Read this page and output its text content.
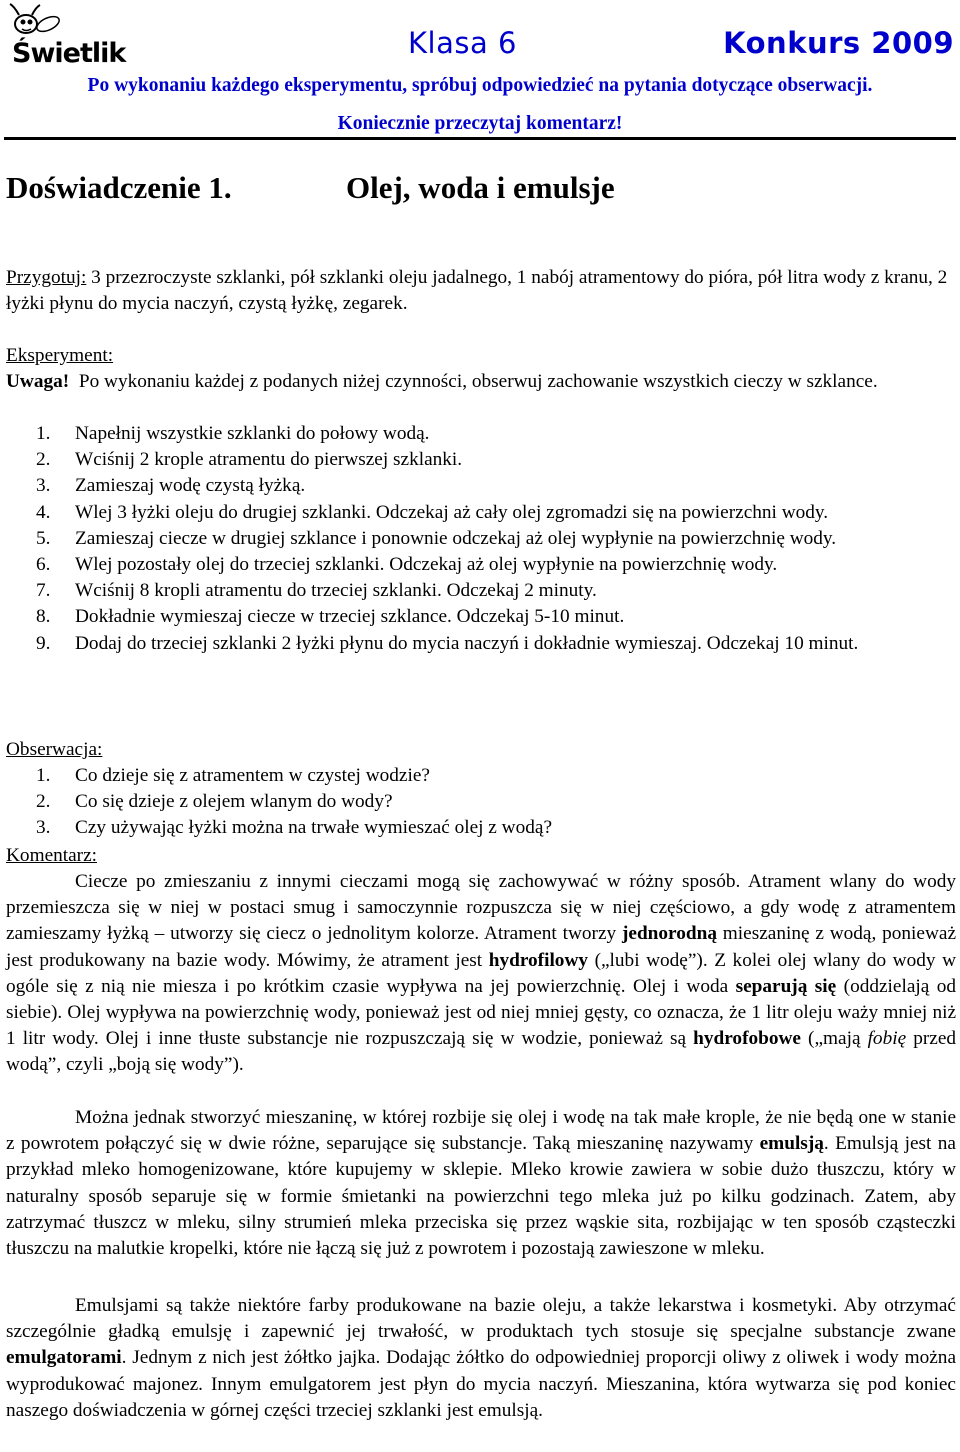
Świetlik	Klasa 6	Konkurs 2009
Po wykonaniu każdego eksperymentu, spróbuj odpowiedzieć na pytania dotyczące obserwacji.
Koniecznie przeczytaj komentarz!
Doświadczenie 1.	Olej, woda i emulsje
Przygotuj: 3 przezroczyste szklanki, pół szklanki oleju jadalnego, 1 nabój atramentowy do pióra, pół litra wody z kranu, 2 łyżki płynu do mycia naczyń, czystą łyżkę, zegarek.
Eksperyment:
Uwaga!  Po wykonaniu każdej z podanych niżej czynności, obserwuj zachowanie wszystkich cieczy w szklance.
1. Napełnij wszystkie szklanki do połowy wodą.
2. Wciśnij 2 krople atramentu do pierwszej szklanki.
3. Zamieszaj wodę czystą łyżką.
4. Wlej 3 łyżki oleju do drugiej szklanki. Odczekaj aż cały olej zgromadzi się na powierzchni wody.
5. Zamieszaj ciecze w drugiej szklance i ponownie odczekaj aż olej wypłynie na powierzchnię wody.
6. Wlej pozostały olej do trzeciej szklanki. Odczekaj aż olej wypłynie na powierzchnię wody.
7. Wciśnij 8 kropli atramentu do trzeciej szklanki. Odczekaj 2 minuty.
8. Dokładnie wymieszaj ciecze w trzeciej szklance. Odczekaj 5-10 minut.
9. Dodaj do trzeciej szklanki 2 łyżki płynu do mycia naczyń i dokładnie wymieszaj. Odczekaj 10 minut.
Obserwacja:
1. Co dzieje się z atramentem w czystej wodzie?
2. Co się dzieje z olejem wlanym do wody?
3. Czy używając łyżki można na trwałe wymieszać olej z wodą?
Komentarz:
Ciecze po zmieszaniu z innymi cieczami mogą się zachowywać w różny sposób. Atrament wlany do wody przemieszcza się w niej w postaci smug i samoczynnie rozpuszcza się w niej częściowo, a gdy wodę z atramentem zamieszamy łyżką – utworzy się ciecz o jednolitym kolorze. Atrament tworzy jednorodną mieszaninę z wodą, ponieważ jest produkowany na bazie wody. Mówimy, że atrament jest hydrofilowy („lubi wodę”). Z kolei olej wlany do wody w ogóle się z nią nie miesza i po krótkim czasie wypływa na jej powierzchnię. Olej i woda separują się (oddzielają od siebie). Olej wypływa na powierzchnię wody, ponieważ jest od niej mniej gęsty, co oznacza, że 1 litr oleju waży mniej niż 1 litr wody. Olej i inne tłuste substancje nie rozpuszczają się w wodzie, ponieważ są hydrofobowe („mają fobię przed wodą”, czyli „boją się wody”).
Można jednak stworzyć mieszaninę, w której rozbije się olej i wodę na tak małe krople, że nie będą one w stanie z powrotem połączyć się w dwie różne, separujące się substancje. Taką mieszaninę nazywamy emulsją. Emulsją jest na przykład mleko homogenizowane, które kupujemy w sklepie. Mleko krowie zawiera w sobie dużo tłuszczu, który w naturalny sposób separuje się w formie śmietanki na powierzchni tego mleka już po kilku godzinach. Zatem, aby zatrzymać tłuszcz w mleku, silny strumień mleka przeciska się przez wąskie sita, rozbijając w ten sposób cząsteczki tłuszczu na malutkie kropelki, które nie łączą się już z powrotem i pozostają zawieszone w mleku.
Emulsjami są także niektóre farby produkowane na bazie oleju, a także lekarstwa i kosmetyki. Aby otrzymać szczególnie gładką emulsję i zapewnić jej trwałość, w produktach tych stosuje się specjalne substancje zwane emulgatorami. Jednym z nich jest żółtko jajka. Dodając żółtko do odpowiedniej proporcji oliwy z oliwek i wody można wyprodukować majonez. Innym emulgatorem jest płyn do mycia naczyń. Mieszanina, która wytwarza się pod koniec naszego doświadczenia w górnej części trzeciej szklanki jest emulsją.
